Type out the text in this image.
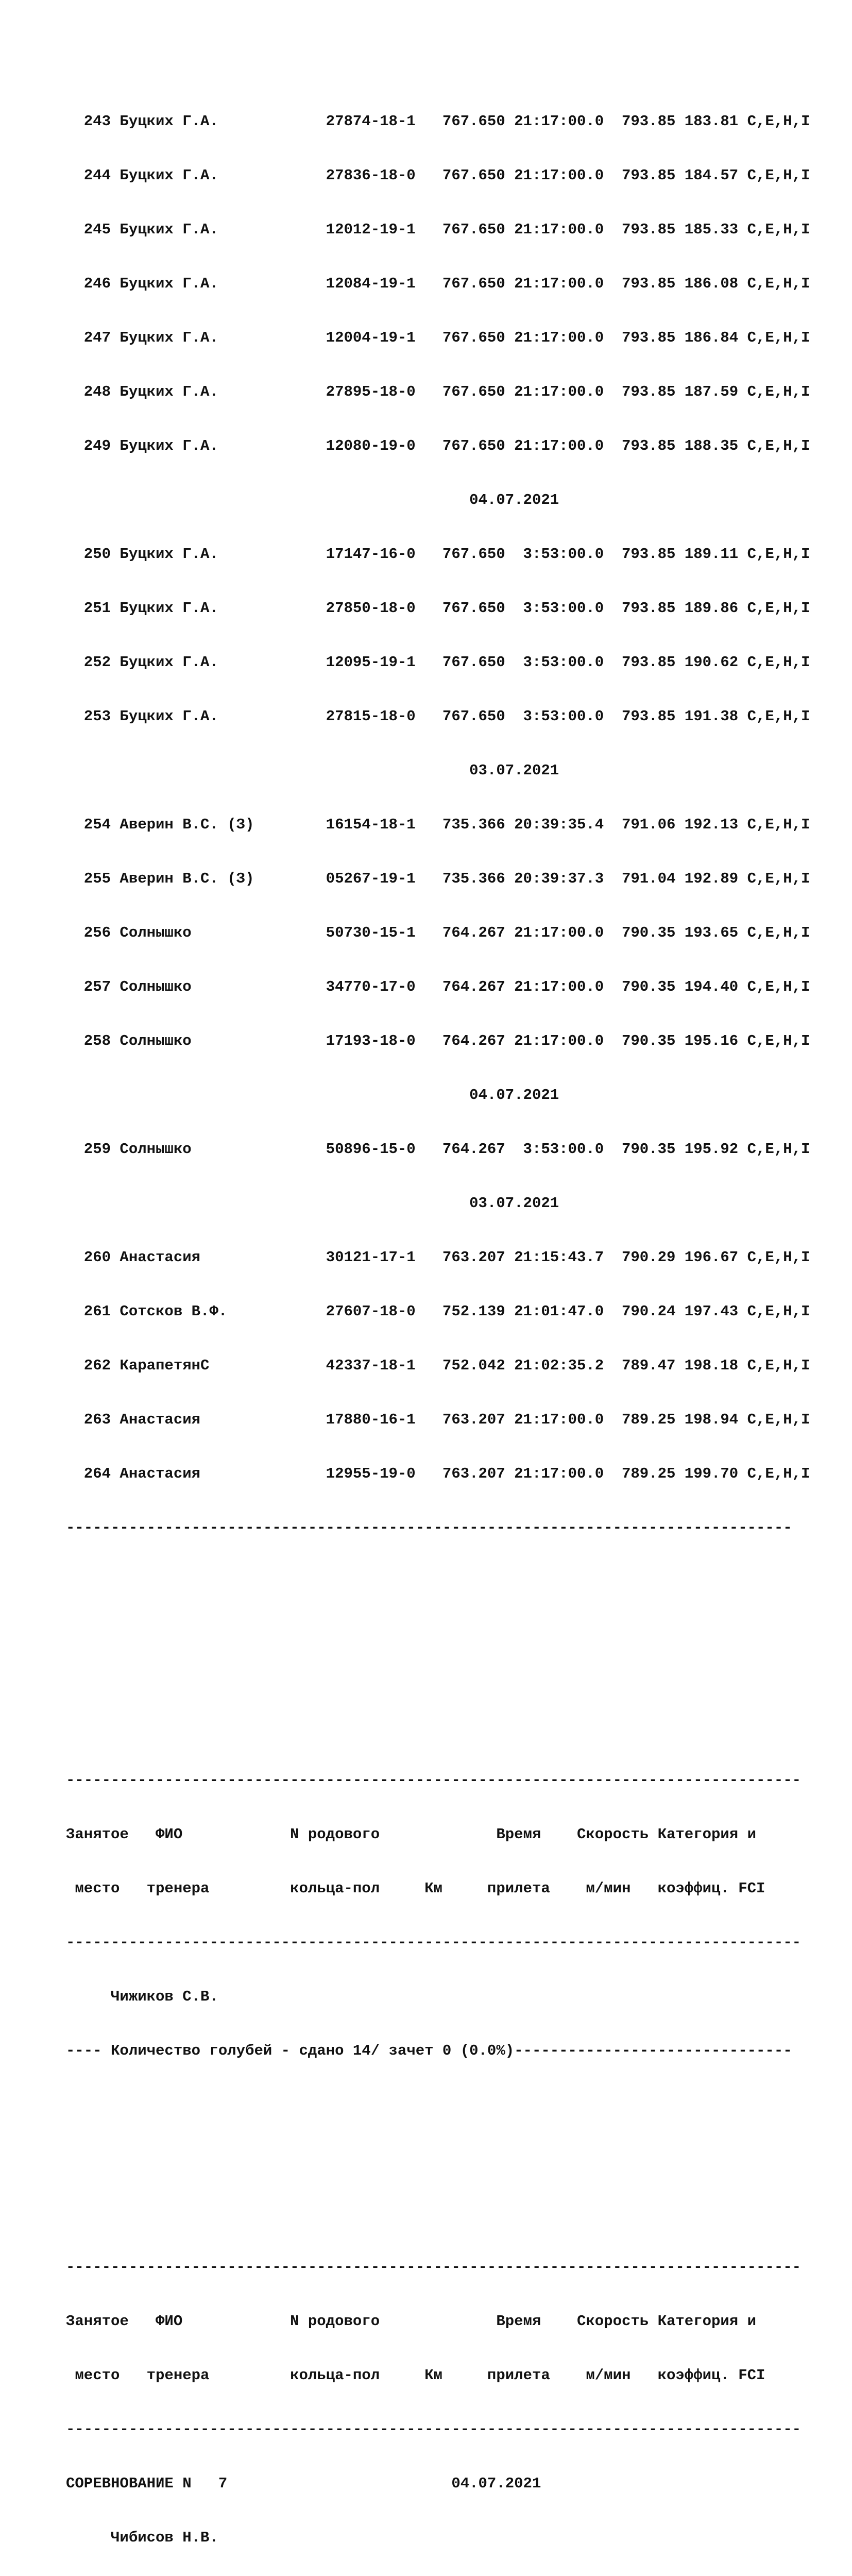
243 Буцких Г.А.            27874-18-1   767.650 21:17:00.0  793.85 183.81 C,E,H,I

244 Буцких Г.А.            27836-18-0   767.650 21:17:00.0  793.85 184.57 C,E,H,I

245 Буцких Г.А.            12012-19-1   767.650 21:17:00.0  793.85 185.33 C,E,H,I

246 Буцких Г.А.            12084-19-1   767.650 21:17:00.0  793.85 186.08 C,E,H,I

247 Буцких Г.А.            12004-19-1   767.650 21:17:00.0  793.85 186.84 C,E,H,I

248 Буцких Г.А.            27895-18-0   767.650 21:17:00.0  793.85 187.59 C,E,H,I

249 Буцких Г.А.            12080-19-0   767.650 21:17:00.0  793.85 188.35 C,E,H,I

04.07.2021

250 Буцких Г.А.            17147-16-0   767.650  3:53:00.0  793.85 189.11 C,E,H,I

251 Буцких Г.А.            27850-18-0   767.650  3:53:00.0  793.85 189.86 C,E,H,I

252 Буцких Г.А.            12095-19-1   767.650  3:53:00.0  793.85 190.62 C,E,H,I

253 Буцких Г.А.            27815-18-0   767.650  3:53:00.0  793.85 191.38 C,E,H,I

03.07.2021

254 Аверин В.С. (З)        16154-18-1   735.366 20:39:35.4  791.06 192.13 C,E,H,I

255 Аверин В.С. (З)        05267-19-1   735.366 20:39:37.3  791.04 192.89 C,E,H,I

256 Солнышко               50730-15-1   764.267 21:17:00.0  790.35 193.65 C,E,H,I

257 Солнышко               34770-17-0   764.267 21:17:00.0  790.35 194.40 C,E,H,I

258 Солнышко               17193-18-0   764.267 21:17:00.0  790.35 195.16 C,E,H,I

04.07.2021

259 Солнышко               50896-15-0   764.267  3:53:00.0  790.35 195.92 C,E,H,I

03.07.2021

260 Анастасия              30121-17-1   763.207 21:15:43.7  790.29 196.67 C,E,H,I

261 Сотсков В.Ф.           27607-18-0   752.139 21:01:47.0  790.24 197.43 C,E,H,I

262 КарапетянС             42337-18-1   752.042 21:02:35.2  789.47 198.18 C,E,H,I

263 Анастасия              17880-16-1   763.207 21:17:00.0  789.25 198.94 C,E,H,I

264 Анастасия              12955-19-0   763.207 21:17:00.0  789.25 199.70 C,E,H,I

---------------------------------------------------------------------------------

----------------------------------------------------------------------------------

Занятое   ФИО            N родового             Время    Скорость Категория и

место   тренера         кольца-пол     Км     прилета    м/мин   коэффиц. FCI

----------------------------------------------------------------------------------

Чижиков С.В.

---- Количество голубей - сдано 14/ зачет 0 (0.0%)-------------------------------

----------------------------------------------------------------------------------

Занятое   ФИО            N родового             Время    Скорость Категория и

место   тренера         кольца-пол     Км     прилета    м/мин   коэффиц. FCI

----------------------------------------------------------------------------------

СОРЕВНОВАНИЕ N   7                         04.07.2021

Чибисов Н.В.
